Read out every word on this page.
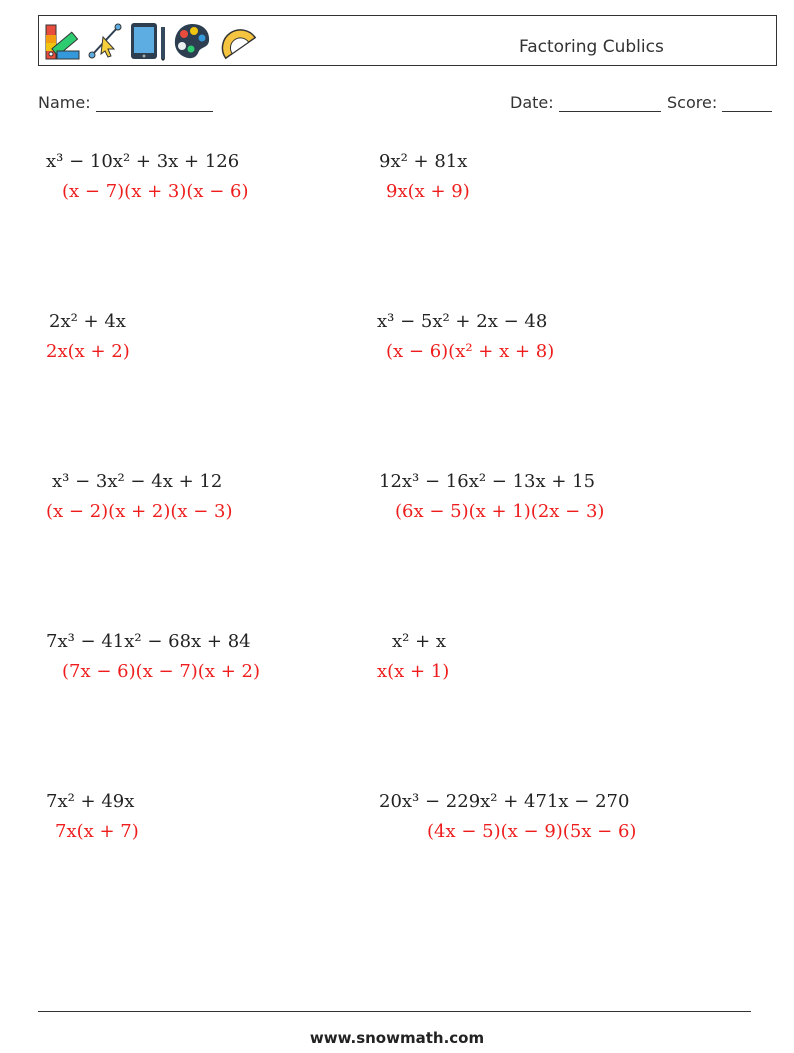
Factoring Cublics
Name:	Date:	Score:
x³ − 10x² + 3x + 126
(x − 7)(x + 3)(x − 6)
2x² + 4x
2x(x + 2)
x³ − 3x² − 4x + 12
(x − 2)(x + 2)(x − 3)
7x³ − 41x² − 68x + 84
(7x − 6)(x − 7)(x + 2)
7x² + 49x
7x(x + 7)
9x² + 81x
9x(x + 9)
x³ − 5x² + 2x − 48
(x − 6)(x² + x + 8)
12x³ − 16x² − 13x + 15
(6x − 5)(x + 1)(2x − 3)
x² + x
x(x + 1)
20x³ − 229x² + 471x − 270
(4x − 5)(x − 9)(5x − 6)
www.snowmath.com
